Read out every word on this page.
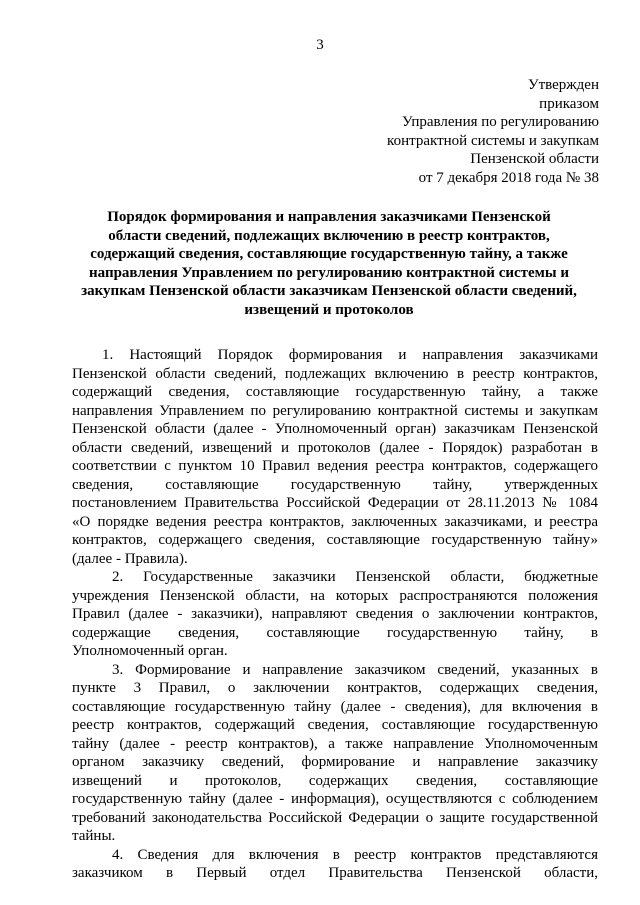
3
Утвержден
приказом
Управления по регулированию
контрактной системы и закупкам
Пензенской области
от 7 декабря 2018 года № 38
Порядок формирования и направления заказчиками Пензенской
области сведений, подлежащих включению в реестр контрактов,
содержащий сведения, составляющие государственную тайну, а также
направления Управлением по регулированию контрактной системы и
закупкам Пензенской области заказчикам Пензенской области сведений,
извещений и протоколов
1. Настоящий Порядок формирования и направления заказчиками
Пензенской области сведений, подлежащих включению в реестр контрактов,
содержащий сведения, составляющие государственную тайну, а также
направления Управлением по регулированию контрактной системы и закупкам
Пензенской области (далее - Уполномоченный орган) заказчикам Пензенской
области сведений, извещений и протоколов (далее - Порядок) разработан в
соответствии с пунктом 10 Правил ведения реестра контрактов, содержащего
сведения, составляющие государственную тайну, утвержденных
постановлением Правительства Российской Федерации от 28.11.2013 № 1084
«О порядке ведения реестра контрактов, заключенных заказчиками, и реестра
контрактов, содержащего сведения, составляющие государственную тайну»
(далее - Правила).
2. Государственные заказчики Пензенской области, бюджетные
учреждения Пензенской области, на которых распространяются положения
Правил (далее - заказчики), направляют сведения о заключении контрактов,
содержащие сведения, составляющие государственную тайну, в
Уполномоченный орган.
3. Формирование и направление заказчиком сведений, указанных в
пункте 3 Правил, о заключении контрактов, содержащих сведения,
составляющие государственную тайну (далее - сведения), для включения в
реестр контрактов, содержащий сведения, составляющие государственную
тайну (далее - реестр контрактов), а также направление Уполномоченным
органом заказчику сведений, формирование и направление заказчику
извещений и протоколов, содержащих сведения, составляющие
государственную тайну (далее - информация), осуществляются с соблюдением
требований законодательства Российской Федерации о защите государственной
тайны.
4. Сведения для включения в реестр контрактов представляются
заказчиком в Первый отдел Правительства Пензенской области,
